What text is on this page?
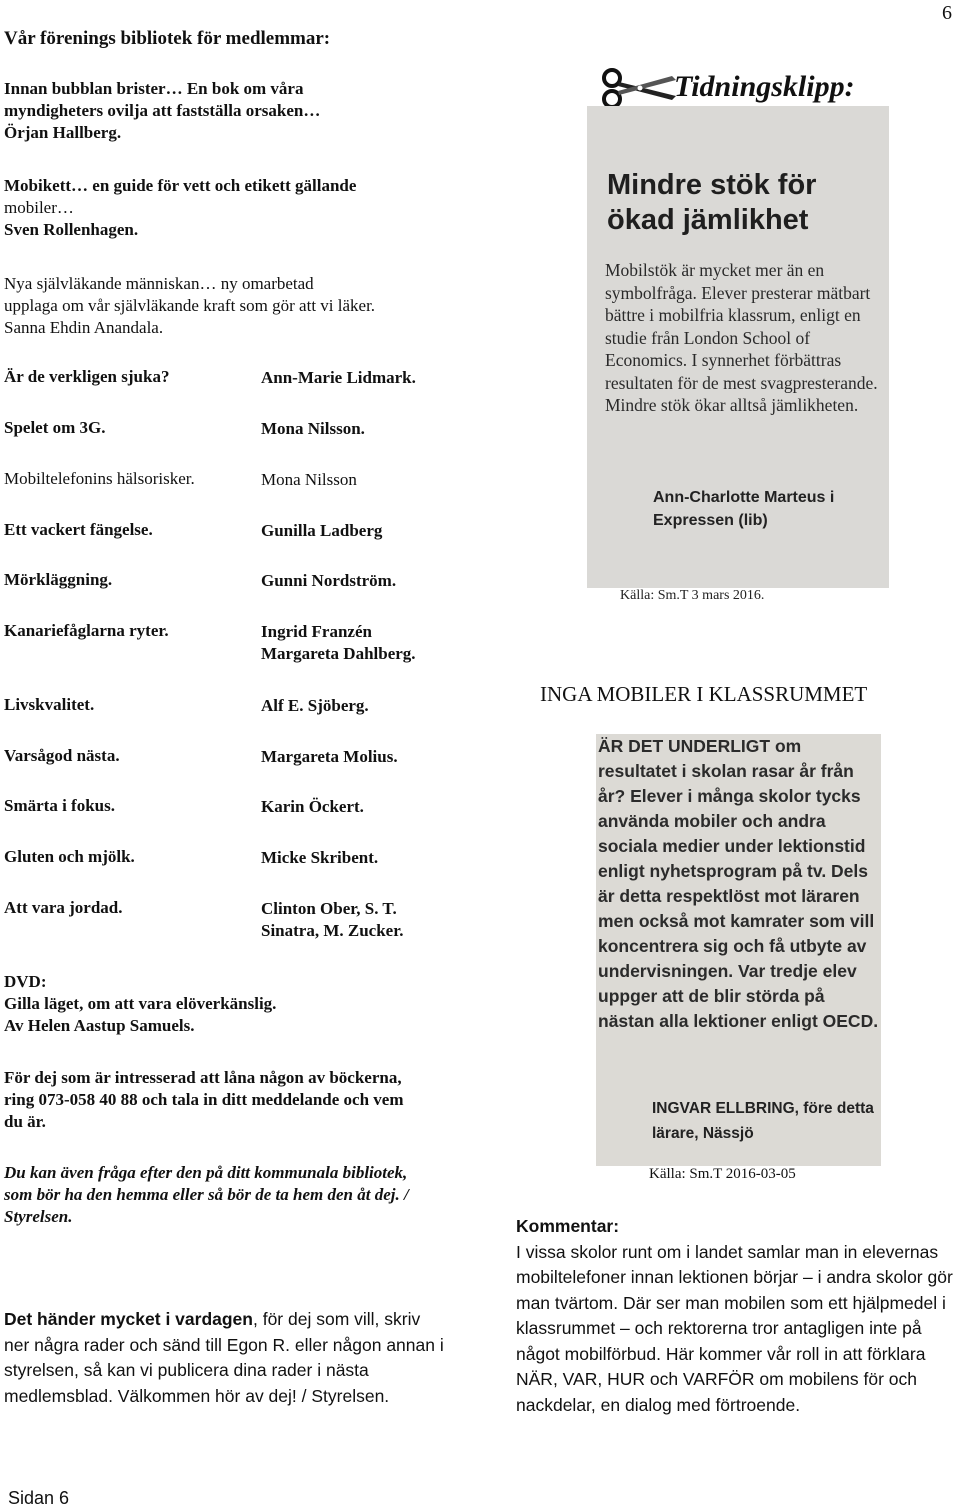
6
Vår förenings bibliotek för medlemmar:
Innan bubblan brister… En bok om våra
myndigheters ovilja att fastställa orsaken…
Örjan Hallberg.
Mobikett… en guide för vett och etikett gällande
mobiler…
Sven Rollenhagen.
Nya självläkande människan… ny omarbetad
upplaga om vår självläkande kraft som gör att vi läker.
Sanna Ehdin Anandala.
Är de verkligen sjuka?	Ann-Marie Lidmark.
Spelet om 3G.	Mona Nilsson.
Mobiltelefonins hälsorisker.	Mona Nilsson
Ett vackert fängelse.	Gunilla Ladberg
Mörkläggning.	Gunni Nordström.
Kanariefåglarna ryter.	Ingrid Franzén
Margareta Dahlberg.
Livskvalitet.	Alf E. Sjöberg.
Varsågod nästa.	Margareta Molius.
Smärta i fokus.	Karin Öckert.
Gluten och mjölk.	Micke Skribent.
Att vara jordad.	Clinton Ober, S. T.
Sinatra, M. Zucker.
DVD:
Gilla läget, om att vara elöverkänslig.
Av Helen Aastup Samuels.
För dej som är intresserad att låna någon av böckerna, ring 073-058 40 88 och tala in ditt meddelande och vem du är.
Du kan även fråga efter den på ditt kommunala bibliotek, som bör ha den hemma eller så bör de ta hem den åt dej. / Styrelsen.
Det händer mycket i vardagen, för dej som vill, skriv ner några rader och sänd till Egon R. eller någon annan i styrelsen, så kan vi publicera dina rader i nästa medlemsblad. Välkommen hör av dej! / Styrelsen.
Sidan 6
Tidningsklipp:
Mindre stök för ökad jämlikhet
Mobilstök är mycket mer än en symbolfråga. Elever presterar mätbart bättre i mobilfria klassrum, enligt en studie från London School of Economics. I synnerhet förbättras resultaten för de mest svagpresterande. Mindre stök ökar alltså jämlikheten.
Ann-Charlotte Marteus i Expressen (lib)
Källa: Sm.T 3 mars 2016.
INGA MOBILER I KLASSRUMMET
ÄR DET UNDERLIGT om resultatet i skolan rasar år från år? Elever i många skolor tycks använda mobiler och andra sociala medier under lektionstid enligt nyhetsprogram på tv. Dels är detta respektlöst mot läraren men också mot kamrater som vill koncentrera sig och få utbyte av undervisningen. Var tredje elev uppger att de blir störda på nästan alla lektioner enligt OECD.
INGVAR ELLBRING, före detta lärare, Nässjö
Källa: Sm.T 2016-03-05
Kommentar:
I vissa skolor runt om i landet samlar man in elevernas mobiltelefoner innan lektionen börjar – i andra skolor gör man tvärtom. Där ser man mobilen som ett hjälpmedel i klassrummet – och rektorerna tror antagligen inte på något mobilförbud. Här kommer vår roll in att förklara NÄR, VAR, HUR och VARFÖR om mobilens för och nackdelar, en dialog med förtroende.
